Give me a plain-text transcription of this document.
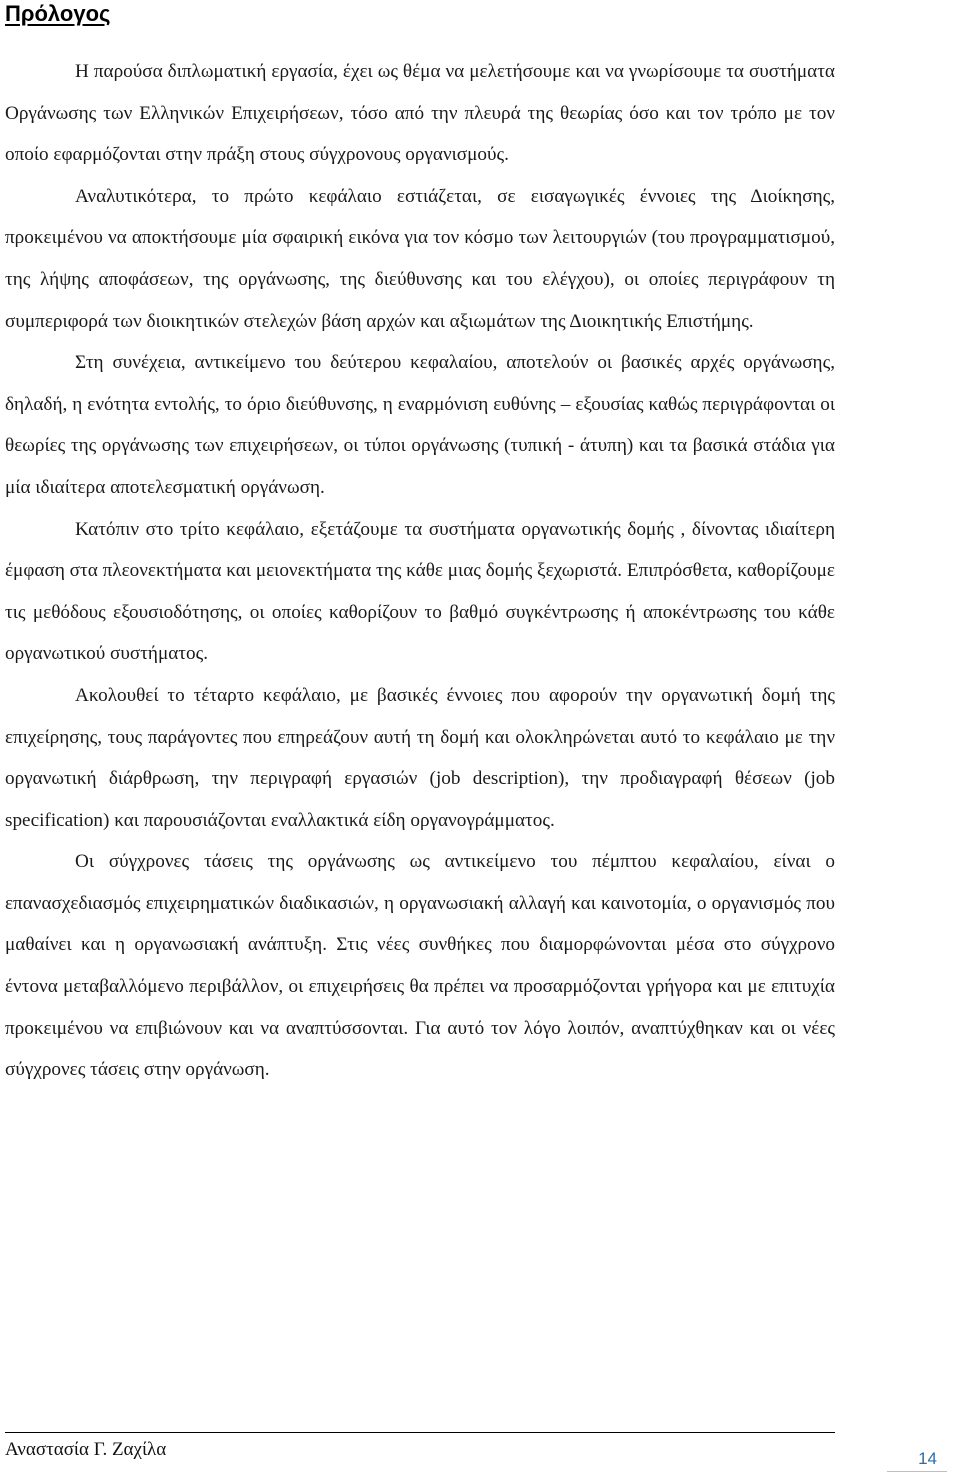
Πρόλογος

Η παρούσα διπλωματική εργασία, έχει ως θέμα να μελετήσουμε και να γνωρίσουμε τα συστήματα Οργάνωσης των Ελληνικών Επιχειρήσεων, τόσο από την πλευρά της θεωρίας όσο και τον τρόπο με τον οποίο εφαρμόζονται στην πράξη στους σύγχρονους οργανισμούς.

Αναλυτικότερα, το πρώτο κεφάλαιο εστιάζεται, σε εισαγωγικές έννοιες της Διοίκησης, προκειμένου να αποκτήσουμε μία σφαιρική εικόνα για τον κόσμο των λειτουργιών (του προγραμματισμού, της λήψης αποφάσεων, της οργάνωσης, της διεύθυνσης και του ελέγχου), οι οποίες περιγράφουν τη συμπεριφορά των διοικητικών στελεχών βάση αρχών και αξιωμάτων της Διοικητικής Επιστήμης.

Στη συνέχεια, αντικείμενο του δεύτερου κεφαλαίου, αποτελούν οι βασικές αρχές οργάνωσης, δηλαδή, η ενότητα εντολής, το όριο διεύθυνσης, η εναρμόνιση ευθύνης – εξουσίας καθώς περιγράφονται οι θεωρίες της οργάνωσης των επιχειρήσεων, οι τύποι οργάνωσης (τυπική - άτυπη) και τα βασικά στάδια για μία ιδιαίτερα αποτελεσματική οργάνωση.

Κατόπιν στο τρίτο κεφάλαιο, εξετάζουμε τα συστήματα οργανωτικής δομής , δίνοντας ιδιαίτερη έμφαση στα πλεονεκτήματα και μειονεκτήματα της κάθε μιας δομής ξεχωριστά. Επιπρόσθετα, καθορίζουμε τις μεθόδους εξουσιοδότησης, οι οποίες καθορίζουν το βαθμό συγκέντρωσης ή αποκέντρωσης του κάθε οργανωτικού συστήματος.

Ακολουθεί το τέταρτο κεφάλαιο, με βασικές έννοιες που αφορούν την οργανωτική δομή της επιχείρησης, τους παράγοντες που επηρεάζουν αυτή τη δομή και ολοκληρώνεται αυτό το κεφάλαιο με την οργανωτική διάρθρωση, την περιγραφή εργασιών (job description), την προδιαγραφή θέσεων (job specification) και παρουσιάζονται εναλλακτικά είδη οργανογράμματος.

Οι σύγχρονες τάσεις της οργάνωσης ως αντικείμενο του πέμπτου κεφαλαίου, είναι ο επανασχεδιασμός επιχειρηματικών διαδικασιών, η οργανωσιακή αλλαγή και καινοτομία, ο οργανισμός που μαθαίνει και η οργανωσιακή ανάπτυξη. Στις νέες συνθήκες που διαμορφώνονται μέσα στο σύγχρονο έντονα μεταβαλλόμενο περιβάλλον, οι επιχειρήσεις θα πρέπει να προσαρμόζονται γρήγορα και με επιτυχία προκειμένου να επιβιώνουν και να αναπτύσσονται. Για αυτό τον λόγο λοιπόν, αναπτύχθηκαν και οι νέες σύγχρονες τάσεις στην οργάνωση.

Αναστασία Γ. Ζαχίλα	14
